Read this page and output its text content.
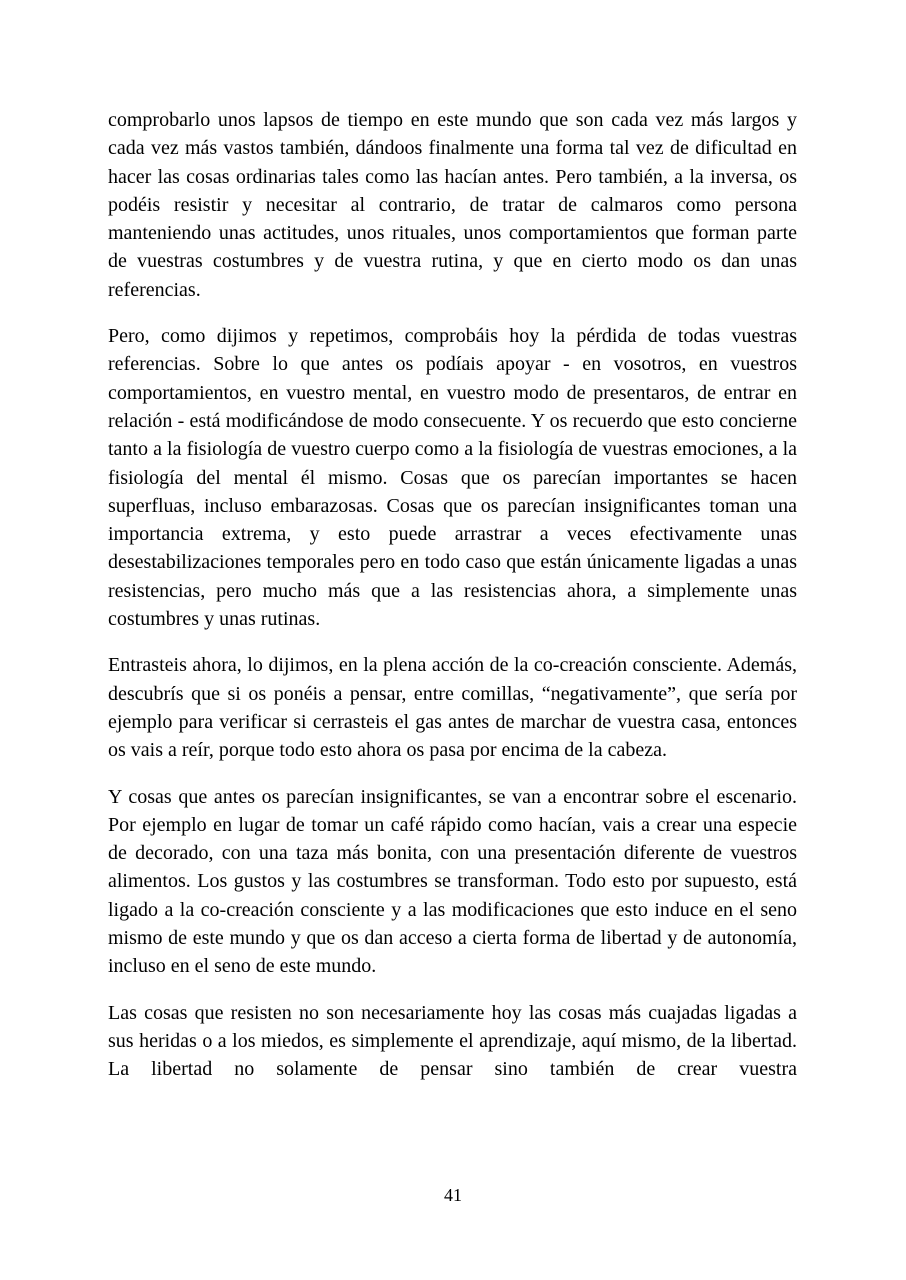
comprobarlo unos lapsos de tiempo en este mundo que son cada vez más largos y cada vez más vastos también, dándoos finalmente una forma tal vez de dificultad en hacer las cosas ordinarias tales como las hacían antes. Pero también, a la inversa, os podéis resistir y necesitar al contrario, de tratar de calmaros como persona manteniendo unas actitudes, unos rituales, unos comportamientos que forman parte de vuestras costumbres y de vuestra rutina, y que en cierto modo os dan unas referencias.

Pero, como dijimos y repetimos, comprobáis hoy la pérdida de todas vuestras referencias. Sobre lo que antes os podíais apoyar - en vosotros, en vuestros comportamientos, en vuestro mental, en vuestro modo de presentaros, de entrar en relación - está modificándose de modo consecuente. Y os recuerdo que esto concierne tanto a la fisiología de vuestro cuerpo como a la fisiología de vuestras emociones, a la fisiología del mental él mismo. Cosas que os parecían importantes se hacen superfluas, incluso embarazosas. Cosas que os parecían insignificantes toman una importancia extrema, y esto puede arrastrar a veces efectivamente unas desestabilizaciones temporales pero en todo caso que están únicamente ligadas a unas resistencias, pero mucho más que a las resistencias ahora, a simplemente unas costumbres y unas rutinas.

Entrasteis ahora, lo dijimos, en la plena acción de la co-creación consciente. Además, descubrís que si os ponéis a pensar, entre comillas, “negativamente”, que sería por ejemplo para verificar si cerrasteis el gas antes de marchar de vuestra casa, entonces os vais a reír, porque todo esto ahora os pasa por encima de la cabeza.

Y cosas que antes os parecían insignificantes, se van a encontrar sobre el escenario. Por ejemplo en lugar de tomar un café rápido como hacían, vais a crear una especie de decorado, con una taza más bonita, con una presentación diferente de vuestros alimentos. Los gustos y las costumbres se transforman. Todo esto por supuesto, está ligado a la co-creación consciente y a las modificaciones que esto induce en el seno mismo de este mundo y que os dan acceso a cierta forma de libertad y de autonomía, incluso en el seno de este mundo.

Las cosas que resisten no son necesariamente hoy las cosas más cuajadas ligadas a sus heridas o a los miedos, es simplemente el aprendizaje, aquí mismo, de la libertad. La libertad no solamente de pensar sino también de crear vuestra

41
